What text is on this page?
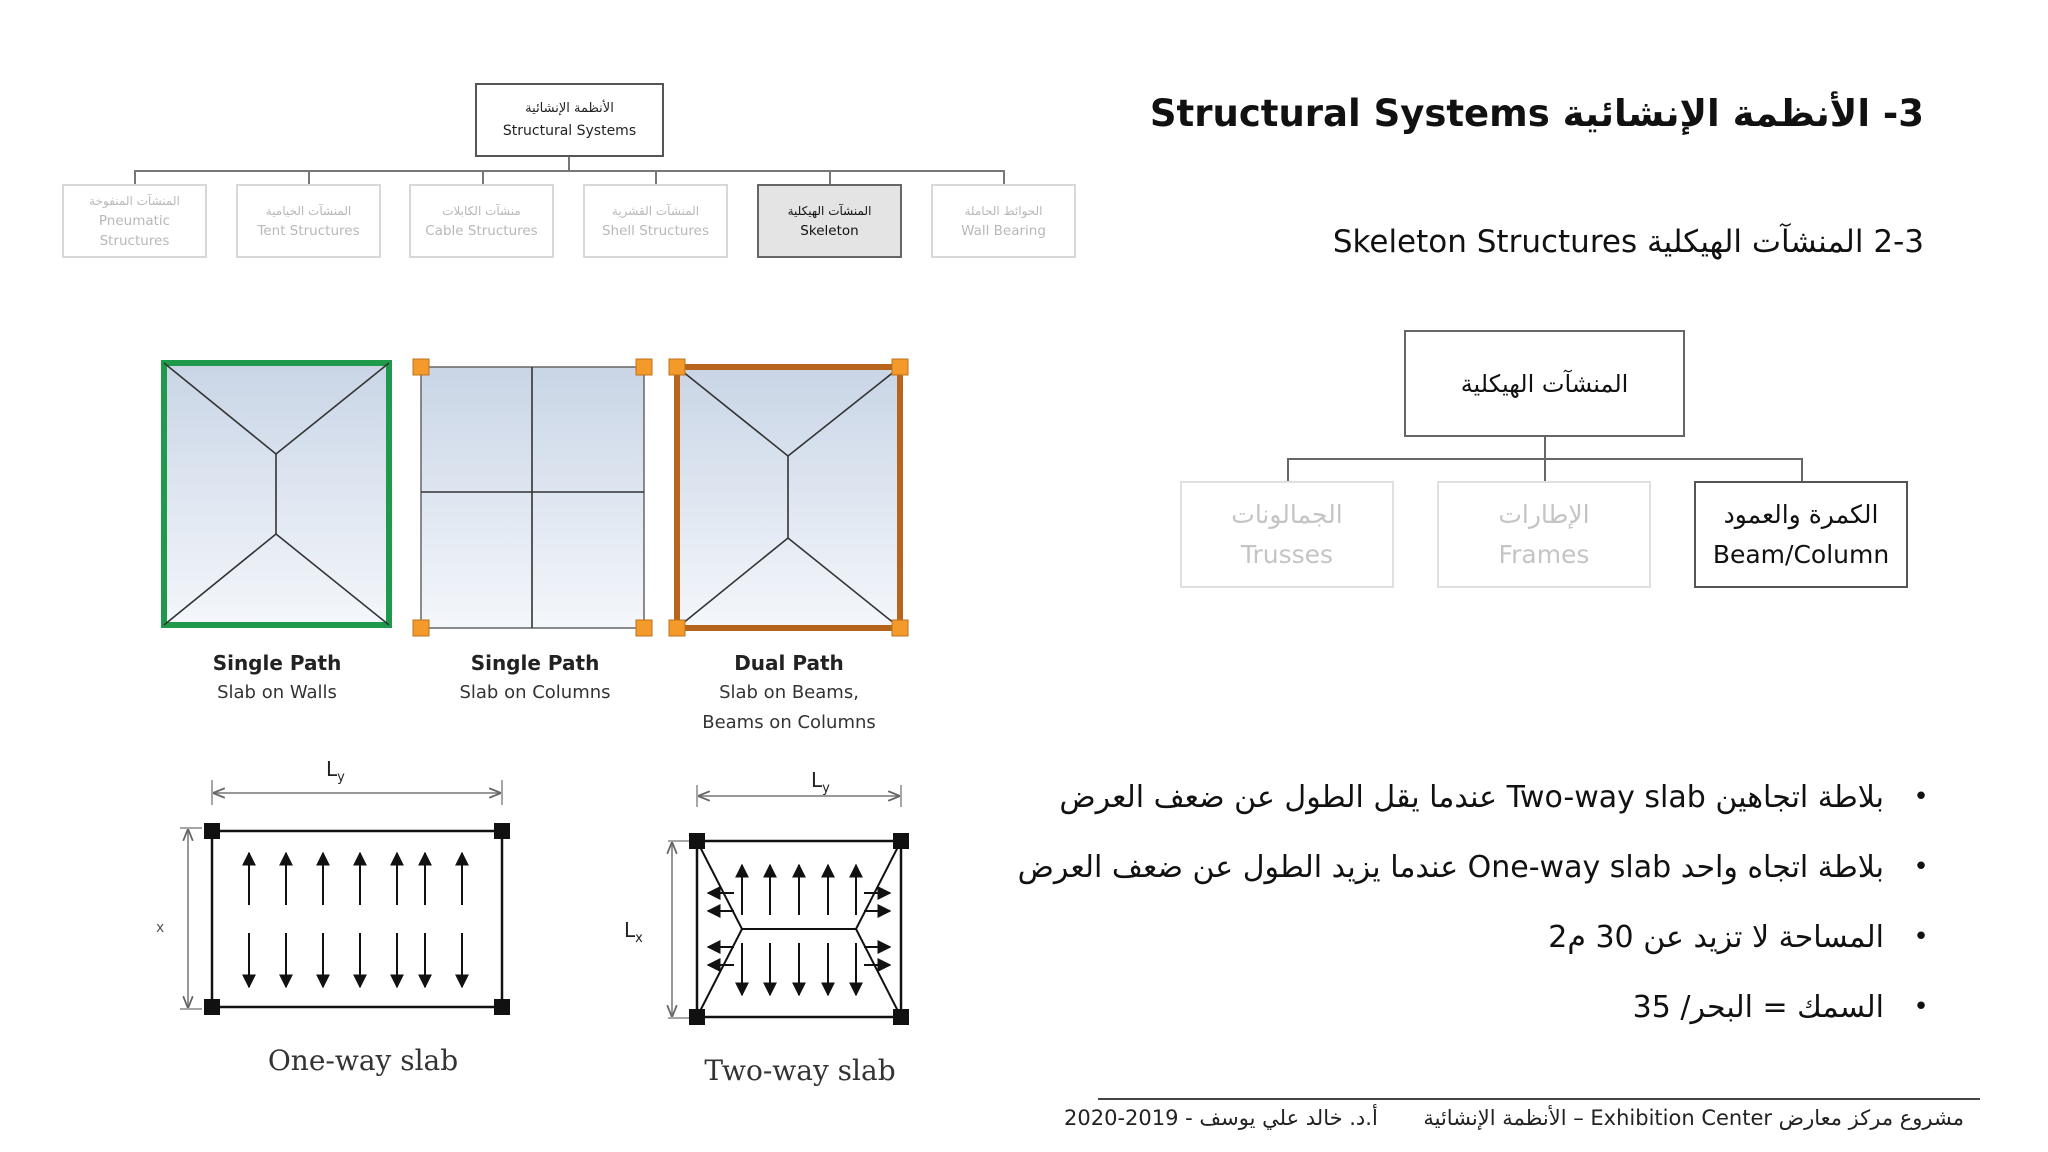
الأنظمة الإنشائية
Structural Systems
المنشآت المنفوخة
Pneumatic
Structures
المنشآت الخيامية
Tent Structures
منشآت الكابلات
Cable Structures
المنشآت القشرية
Shell Structures
المنشآت الهيكلية
Skeleton
الحوائط الحاملة
Wall Bearing
3- الأنظمة الإنشائية Structural Systems
2-3 المنشآت الهيكلية Skeleton Structures
المنشآت الهيكلية
الجمالونات
Trusses
الإطارات
Frames
الكمرة والعمود
Beam/Column
Single Path
Slab on Walls
Single Path
Slab on Columns
Dual Path
Slab on Beams,
Beams on Columns
$L_y$
x
One-way slab
$L_y$
$L_x$
Two-way slab
•
بلاطة اتجاهين Two-way slab عندما يقل الطول عن ضعف العرض
•
بلاطة اتجاه واحد One-way slab عندما يزيد الطول عن ضعف العرض
•
المساحة لا تزيد عن 30 م2
•
السمك = البحر/ 35
مشروع مركز معارض Exhibition Center – الأنظمة الإنشائية
أ.د. خالد علي يوسف - 2019-2020
